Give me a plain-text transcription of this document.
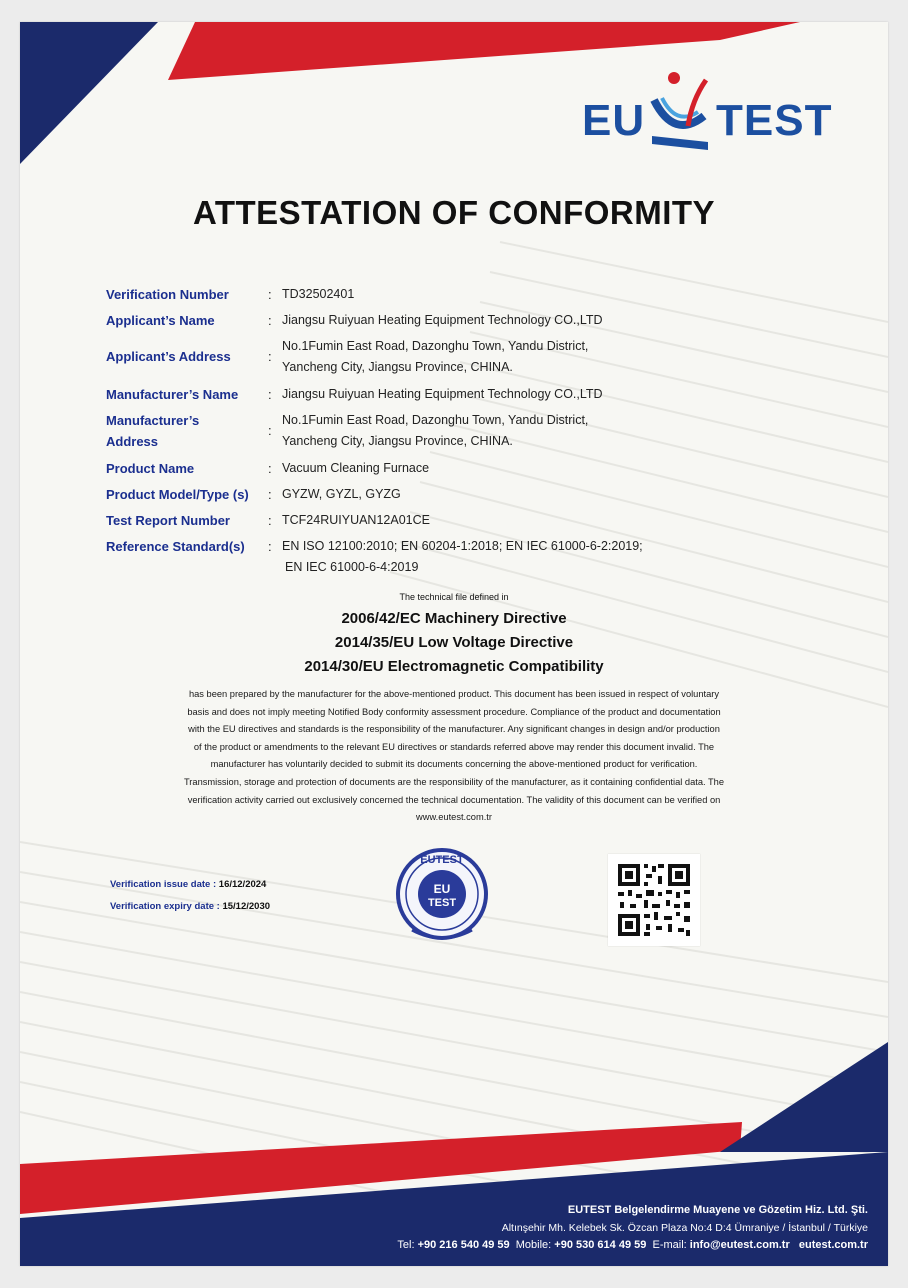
EU TEST
ATTESTATION OF CONFORMITY
Verification Number	: TD32502401
Applicant’s Name	: Jiangsu Ruiyuan Heating Equipment Technology CO.,LTD
Applicant’s Address	:
No.1Fumin East Road, Dazonghu Town, Yandu District,
Yancheng City, Jiangsu Province, CHINA.
Manufacturer’s Name	: Jiangsu Ruiyuan Heating Equipment Technology CO.,LTD
Manufacturer’s
Address
:
No.1Fumin East Road, Dazonghu Town, Yandu District,
Yancheng City, Jiangsu Province, CHINA.
Product Name	: Vacuum Cleaning Furnace
Product Model/Type (s)	: GYZW, GYZL, GYZG
Test Report Number	: TCF24RUIYUAN12A01CE
Reference Standard(s)	: EN ISO 12100:2010; EN 60204-1:2018; EN IEC 61000-6-2:2019;
EN IEC 61000-6-4:2019
The technical file defined in
2006/42/EC Machinery Directive
2014/35/EU Low Voltage Directive
2014/30/EU Electromagnetic Compatibility
has been prepared by the manufacturer for the above-mentioned product. This document has been issued in respect of voluntary
basis and does not imply meeting Notified Body conformity assessment procedure. Compliance of the product and documentation
with the EU directives and standards is the responsibility of the manufacturer. Any significant changes in design and/or production
of the product or amendments to the relevant EU directives or standards referred above may render this document invalid. The
manufacturer has voluntarily decided to submit its documents concerning the above-mentioned product for verification.
Transmission, storage and protection of documents are the responsibility of the manufacturer, as it containing confidential data. The
verification activity carried out exclusively concerned the technical documentation. The validity of this document can be verified on
www.eutest.com.tr
Verification issue date : 16/12/2024
Verification expiry date : 15/12/2030
EUTEST
EU
TEST
EUTEST Belgelendirme Muayene ve Gözetim Hiz. Ltd. Şti.
Altınşehir Mh. Kelebek Sk. Özcan Plaza No:4 D:4 Ümraniye / İstanbul / Türkiye
Tel: +90 216 540 49 59 Mobile: +90 530 614 49 59 E-mail: info@eutest.com.tr eutest.com.tr
